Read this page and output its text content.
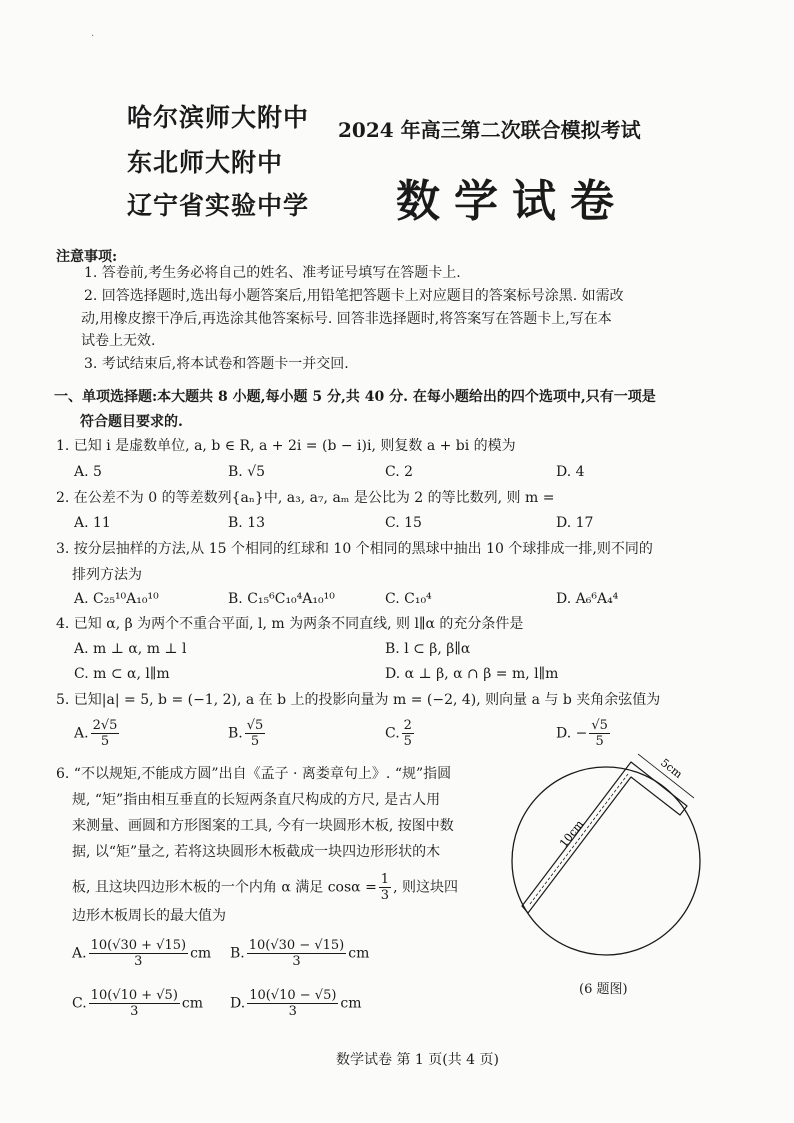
·
哈尔滨师大附中
东北师大附中
辽宁省实验中学
2024 年高三第二次联合模拟考试
数学试卷
注意事项:
1. 答卷前,考生务必将自己的姓名、准考证号填写在答题卡上.
2. 回答选择题时,选出每小题答案后,用铅笔把答题卡上对应题目的答案标号涂黑. 如需改
动,用橡皮擦干净后,再选涂其他答案标号. 回答非选择题时,将答案写在答题卡上,写在本
试卷上无效.
3. 考试结束后,将本试卷和答题卡一并交回.
一、单项选择题:本大题共 8 小题,每小题 5 分,共 40 分. 在每小题给出的四个选项中,只有一项是
符合题目要求的.
1. 已知 i 是虚数单位, a, b ∈ R, a + 2i = (b − i)i, 则复数 a + bi 的模为
A. 5	B. √5	C. 2	D. 4
2. 在公差不为 0 的等差数列{aₙ}中, a₃, a₇, aₘ 是公比为 2 的等比数列, 则 m =
A. 11	B. 13	C. 15	D. 17
3. 按分层抽样的方法,从 15 个相同的红球和 10 个相同的黑球中抽出 10 个球排成一排,则不同的
排列方法为
A. C₂₅¹⁰A₁₀¹⁰	B. C₁₅⁶C₁₀⁴A₁₀¹⁰	C. C₁₀⁴	D. A₆⁶A₄⁴
4. 已知 α, β 为两个不重合平面, l, m 为两条不同直线, 则 l∥α 的充分条件是
A. m ⊥ α, m ⊥ l	B. l ⊂ β, β∥α
C. m ⊂ α, l∥m	D. α ⊥ β, α ∩ β = m, l∥m
5. 已知|a| = 5, b = (−1, 2), a 在 b 上的投影向量为 m = (−2, 4), 则向量 a 与 b 夹角余弦值为
A. $\frac{2√5}{5}$	B. $\frac{√5}{5}$	C. $\frac{2}{5}$	D. − $\frac{√5}{5}$
6. “不以规矩,不能成方圆”出自《孟子 · 离娄章句上》. “规”指圆
规, “矩”指由相互垂直的长短两条直尺构成的方尺, 是古人用
来测量、画圆和方形图案的工具, 今有一块圆形木板, 按图中数
据, 以“矩”量之, 若将这块圆形木板截成一块四边形形状的木
板, 且这块四边形木板的一个内角 α 满足 $\cos\alpha = \frac{1}{3}$ , 则这块四
边形木板周长的最大值为
A. $\frac{10(√30 + √15)}{3}$ cm B. $\frac{10(√30 - √15)}{3}$ cm
C. $\frac{10(√10 + √5)}{3}$ cm D. $\frac{10(√10 - √5)}{3}$ cm
5cm
10cm
(6 题图)
数学试卷 第 1 页(共 4 页)
